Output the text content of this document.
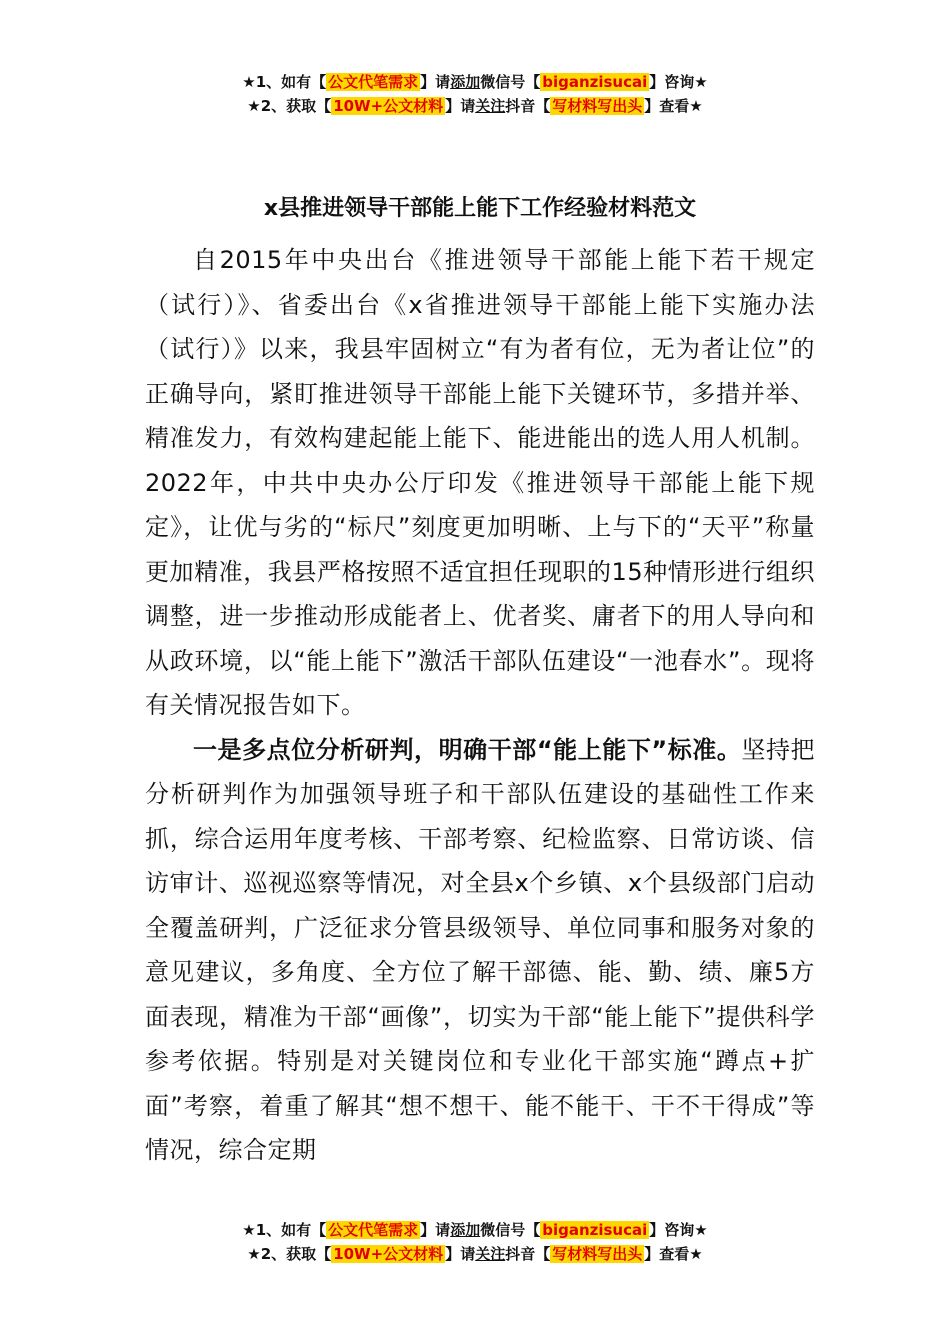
★1、如有【 公文代笔需求 】请添加微信号【 biganzisucai 】咨询★
★2、获取【 10W+公文材料 】请关注抖音【 写材料写出头 】查看★
x县推进领导干部能上能下工作经验材料范文

自2015年中央出台《推进领导干部能上能下若干规定（试行）》、省委出台《x省推进领导干部能上能下实施办法（试行）》以来，我县牢固树立“有为者有位，无为者让位”的正确导向，紧盯推进领导干部能上能下关键环节，多措并举、精准发力，有效构建起能上能下、能进能出的选人用人机制。2022年，中共中央办公厅印发《推进领导干部能上能下规定》，让优与劣的“标尺”刻度更加明晰、上与下的“天平”称量更加精准，我县严格按照不适宜担任现职的15种情形进行组织调整，进一步推动形成能者上、优者奖、庸者下的用人导向和从政环境，以“能上能下”激活干部队伍建设“一池春水”。现将有关情况报告如下。

一是多点位分析研判，明确干部“能上能下”标准。坚持把分析研判作为加强领导班子和干部队伍建设的基础性工作来抓，综合运用年度考核、干部考察、纪检监察、日常访谈、信访审计、巡视巡察等情况，对全县x个乡镇、x个县级部门启动全覆盖研判，广泛征求分管县级领导、单位同事和服务对象的意见建议，多角度、全方位了解干部德、能、勤、绩、廉5方面表现，精准为干部“画像”，切实为干部“能上能下”提供科学参考依据。特别是对关键岗位和专业化干部实施“蹲点+扩面”考察，着重了解其“想不想干、能不能干、干不干得成”等情况，综合定期

★1、如有【 公文代笔需求 】请添加微信号【 biganzisucai 】咨询★
★2、获取【 10W+公文材料 】请关注抖音【 写材料写出头 】查看★
